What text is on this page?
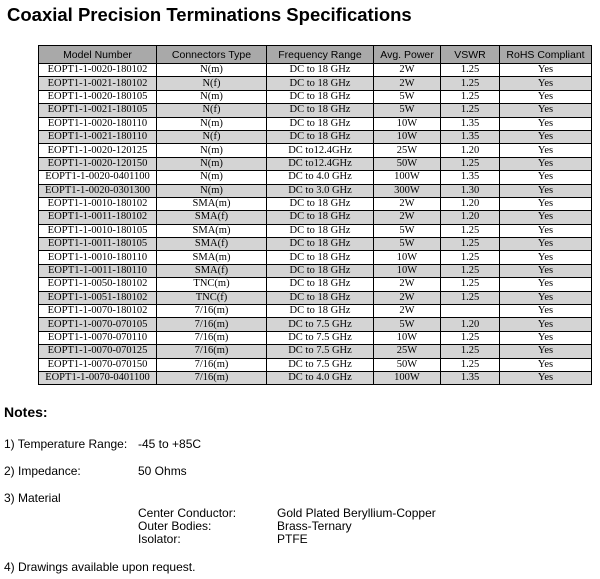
Coaxial Precision Terminations Specifications
Model Number	Connectors Type	Frequency Range	Avg. Power	VSWR	RoHS Compliant
EOPT1-1-0020-180102	N(m)	DC to 18 GHz	2W	1.25	Yes
EOPT1-1-0021-180102	N(f)	DC to 18 GHz	2W	1.25	Yes
EOPT1-1-0020-180105	N(m)	DC to 18 GHz	5W	1.25	Yes
EOPT1-1-0021-180105	N(f)	DC to 18 GHz	5W	1.25	Yes
EOPT1-1-0020-180110	N(m)	DC to 18 GHz	10W	1.35	Yes
EOPT1-1-0021-180110	N(f)	DC to 18 GHz	10W	1.35	Yes
EOPT1-1-0020-120125	N(m)	DC to12.4GHz	25W	1.20	Yes
EOPT1-1-0020-120150	N(m)	DC to12.4GHz	50W	1.25	Yes
EOPT1-1-0020-0401100	N(m)	DC to 4.0 GHz	100W	1.35	Yes
EOPT1-1-0020-0301300	N(m)	DC to 3.0 GHz	300W	1.30	Yes
EOPT1-1-0010-180102	SMA(m)	DC to 18 GHz	2W	1.20	Yes
EOPT1-1-0011-180102	SMA(f)	DC to 18 GHz	2W	1.20	Yes
EOPT1-1-0010-180105	SMA(m)	DC to 18 GHz	5W	1.25	Yes
EOPT1-1-0011-180105	SMA(f)	DC to 18 GHz	5W	1.25	Yes
EOPT1-1-0010-180110	SMA(m)	DC to 18 GHz	10W	1.25	Yes
EOPT1-1-0011-180110	SMA(f)	DC to 18 GHz	10W	1.25	Yes
EOPT1-1-0050-180102	TNC(m)	DC to 18 GHz	2W	1.25	Yes
EOPT1-1-0051-180102	TNC(f)	DC to 18 GHz	2W	1.25	Yes
EOPT1-1-0070-180102	7/16(m)	DC to 18 GHz	2W		Yes
EOPT1-1-0070-070105	7/16(m)	DC to 7.5 GHz	5W	1.20	Yes
EOPT1-1-0070-070110	7/16(m)	DC to 7.5 GHz	10W	1.25	Yes
EOPT1-1-0070-070125	7/16(m)	DC to 7.5 GHz	25W	1.25	Yes
EOPT1-1-0070-070150	7/16(m)	DC to 7.5 GHz	50W	1.25	Yes
EOPT1-1-0070-0401100	7/16(m)	DC to 4.0 GHz	100W	1.35	Yes
Notes:
1) Temperature Range: -45 to +85C
2) Impedance:	50 Ohms
3) Material
Center Conductor:	Gold Plated Beryllium-Copper
Outer Bodies:	Brass-Ternary
Isolator:	PTFE
4) Drawings available upon request.
